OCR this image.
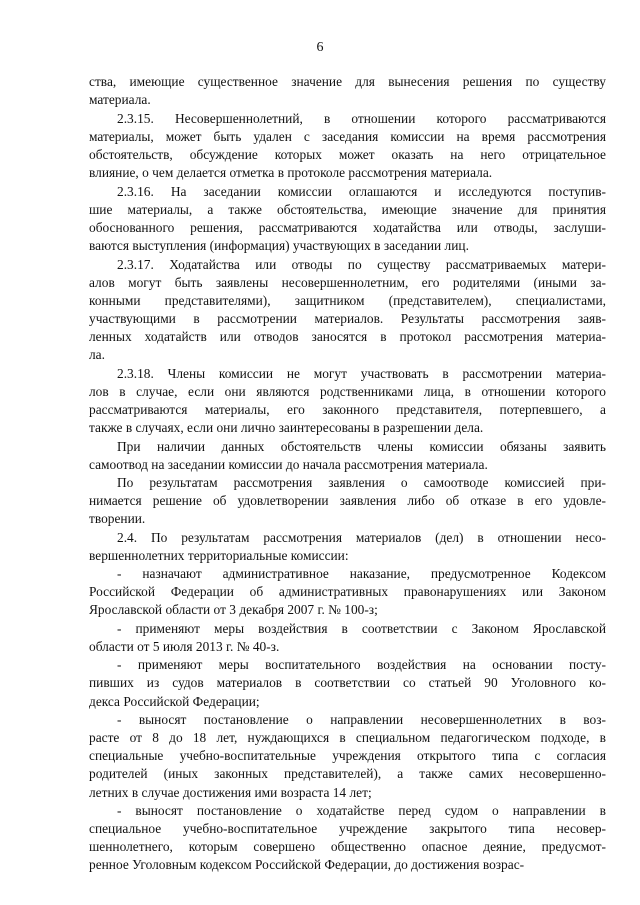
6
ства, имеющие существенное значение для вынесения решения по существу
материала.
2.3.15. Несовершеннолетний, в отношении которого рассматриваются
материалы, может быть удален с заседания комиссии на время рассмотрения
обстоятельств, обсуждение которых может оказать на него отрицательное
влияние, о чем делается отметка в протоколе рассмотрения материала.
2.3.16. На заседании комиссии оглашаются и исследуются поступив-
шие материалы, а также обстоятельства, имеющие значение для принятия
обоснованного решения, рассматриваются ходатайства или отводы, заслуши-
ваются выступления (информация) участвующих в заседании лиц.
2.3.17. Ходатайства или отводы по существу рассматриваемых матери-
алов могут быть заявлены несовершеннолетним, его родителями (иными за-
конными представителями), защитником (представителем), специалистами,
участвующими в рассмотрении материалов. Результаты рассмотрения заяв-
ленных ходатайств или отводов заносятся в протокол рассмотрения материа-
ла.
2.3.18. Члены комиссии не могут участвовать в рассмотрении материа-
лов в случае, если они являются родственниками лица, в отношении которого
рассматриваются материалы, его законного представителя, потерпевшего, а
также в случаях, если они лично заинтересованы в разрешении дела.
При наличии данных обстоятельств члены комиссии обязаны заявить
самоотвод на заседании комиссии до начала рассмотрения материала.
По результатам рассмотрения заявления о самоотводе комиссией при-
нимается решение об удовлетворении заявления либо об отказе в его удовле-
творении.
2.4. По результатам рассмотрения материалов (дел) в отношении несо-
вершеннолетних территориальные комиссии:
- назначают административное наказание, предусмотренное Кодексом
Российской Федерации об административных правонарушениях или Законом
Ярославской области от 3 декабря 2007 г. № 100-з;
- применяют меры воздействия в соответствии с Законом Ярославской
области от 5 июля 2013 г. № 40-з.
- применяют меры воспитательного воздействия на основании посту-
пивших из судов материалов в соответствии со статьей 90 Уголовного ко-
декса Российской Федерации;
- выносят постановление о направлении несовершеннолетних в воз-
расте от 8 до 18 лет, нуждающихся в специальном педагогическом подходе, в
специальные учебно-воспитательные учреждения открытого типа с согласия
родителей (иных законных представителей), а также самих несовершенно-
летних в случае достижения ими возраста 14 лет;
- выносят постановление о ходатайстве перед судом о направлении в
специальное учебно-воспитательное учреждение закрытого типа несовер-
шеннолетнего, которым совершено общественно опасное деяние, предусмот-
ренное Уголовным кодексом Российской Федерации, до достижения возрас-
